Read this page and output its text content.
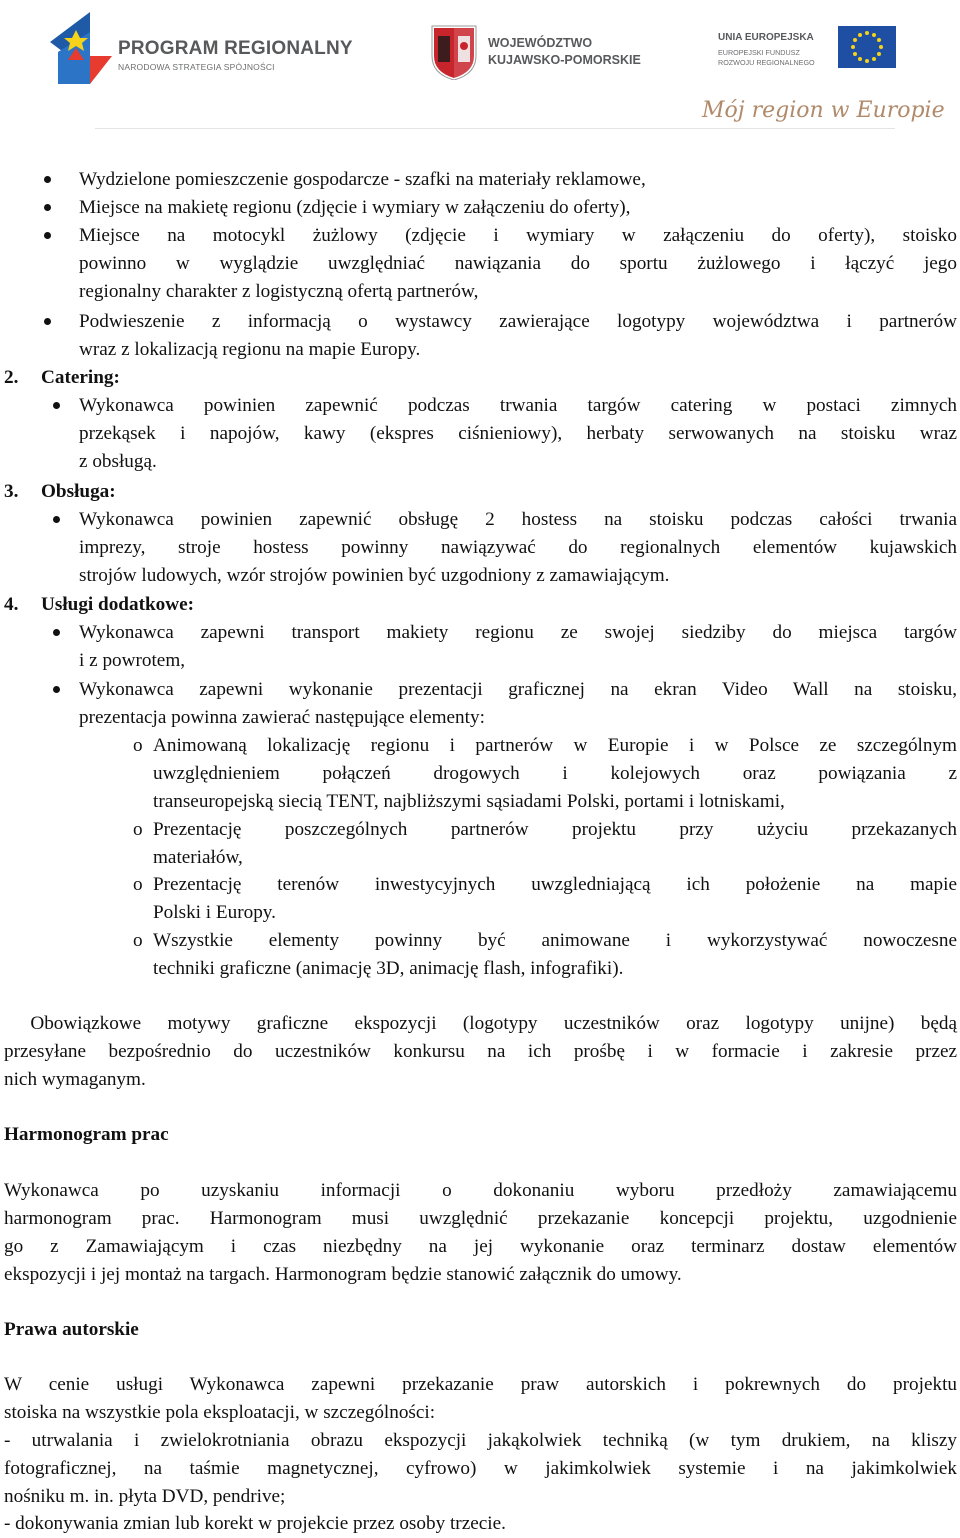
PROGRAM REGIONALNY
NARODOWA STRATEGIA SPÓJNOŚCI
WOJEWÓDZTWO
KUJAWSKO-POMORSKIE
UNIA EUROPEJSKA
EUROPEJSKI FUNDUSZ
ROZWOJU REGIONALNEGO
Mój region w Europie
Wydzielone pomieszczenie gospodarcze - szafki na materiały reklamowe,
Miejsce na makietę regionu (zdjęcie i wymiary w załączeniu do oferty),
Miejsce na motocykl żużlowy (zdjęcie i wymiary w załączeniu do oferty), stoisko
powinno w wyglądzie uwzględniać nawiązania do sportu żużlowego i łączyć jego
regionalny charakter z logistyczną ofertą partnerów,
Podwieszenie z informacją o wystawcy zawierające logotypy województwa i partnerów
wraz z lokalizacją regionu na mapie Europy.
2. Catering:
Wykonawca powinien zapewnić podczas trwania targów catering w postaci zimnych
przekąsek i napojów, kawy (ekspres ciśnieniowy), herbaty serwowanych na stoisku wraz
z obsługą.
3. Obsługa:
Wykonawca powinien zapewnić obsługę 2 hostess na stoisku podczas całości trwania
imprezy, stroje hostess powinny nawiązywać do regionalnych elementów kujawskich
strojów ludowych, wzór strojów powinien być uzgodniony z zamawiającym.
4. Usługi dodatkowe:
Wykonawca zapewni transport makiety regionu ze swojej siedziby do miejsca targów
i z powrotem,
Wykonawca zapewni wykonanie prezentacji graficznej na ekran Video Wall na stoisku,
prezentacja powinna zawierać następujące elementy:
o Animowaną lokalizację regionu i partnerów w Europie i w Polsce ze szczególnym
uwzględnieniem połączeń drogowych i kolejowych oraz powiązania z
transeuropejską siecią TENT, najbliższymi sąsiadami Polski, portami i lotniskami,
o Prezentację poszczególnych partnerów projektu przy użyciu przekazanych
materiałów,
o Prezentację terenów inwestycyjnych uwzgledniającą ich położenie na mapie
Polski i Europy.
o Wszystkie elementy powinny być animowane i wykorzystywać nowoczesne
techniki graficzne (animację 3D, animację flash, infografiki).
Obowiązkowe motywy graficzne ekspozycji (logotypy uczestników oraz logotypy unijne) będą
przesyłane bezpośrednio do uczestników konkursu na ich prośbę i w formacie i zakresie przez
nich wymaganym.
Harmonogram prac
Wykonawca po uzyskaniu informacji o dokonaniu wyboru przedłoży zamawiającemu
harmonogram prac. Harmonogram musi uwzględnić przekazanie koncepcji projektu, uzgodnienie
go z Zamawiającym i czas niezbędny na jej wykonanie oraz terminarz dostaw elementów
ekspozycji i jej montaż na targach. Harmonogram będzie stanowić załącznik do umowy.
Prawa autorskie
W cenie usługi Wykonawca zapewni przekazanie praw autorskich i pokrewnych do projektu
stoiska na wszystkie pola eksploatacji, w szczególności:
- utrwalania i zwielokrotniania obrazu ekspozycji jakąkolwiek techniką (w tym drukiem, na kliszy
fotograficznej, na taśmie magnetycznej, cyfrowo) w jakimkolwiek systemie i na jakimkolwiek
nośniku m. in. płyta DVD, pendrive;
- dokonywania zmian lub korekt w projekcie przez osoby trzecie.
